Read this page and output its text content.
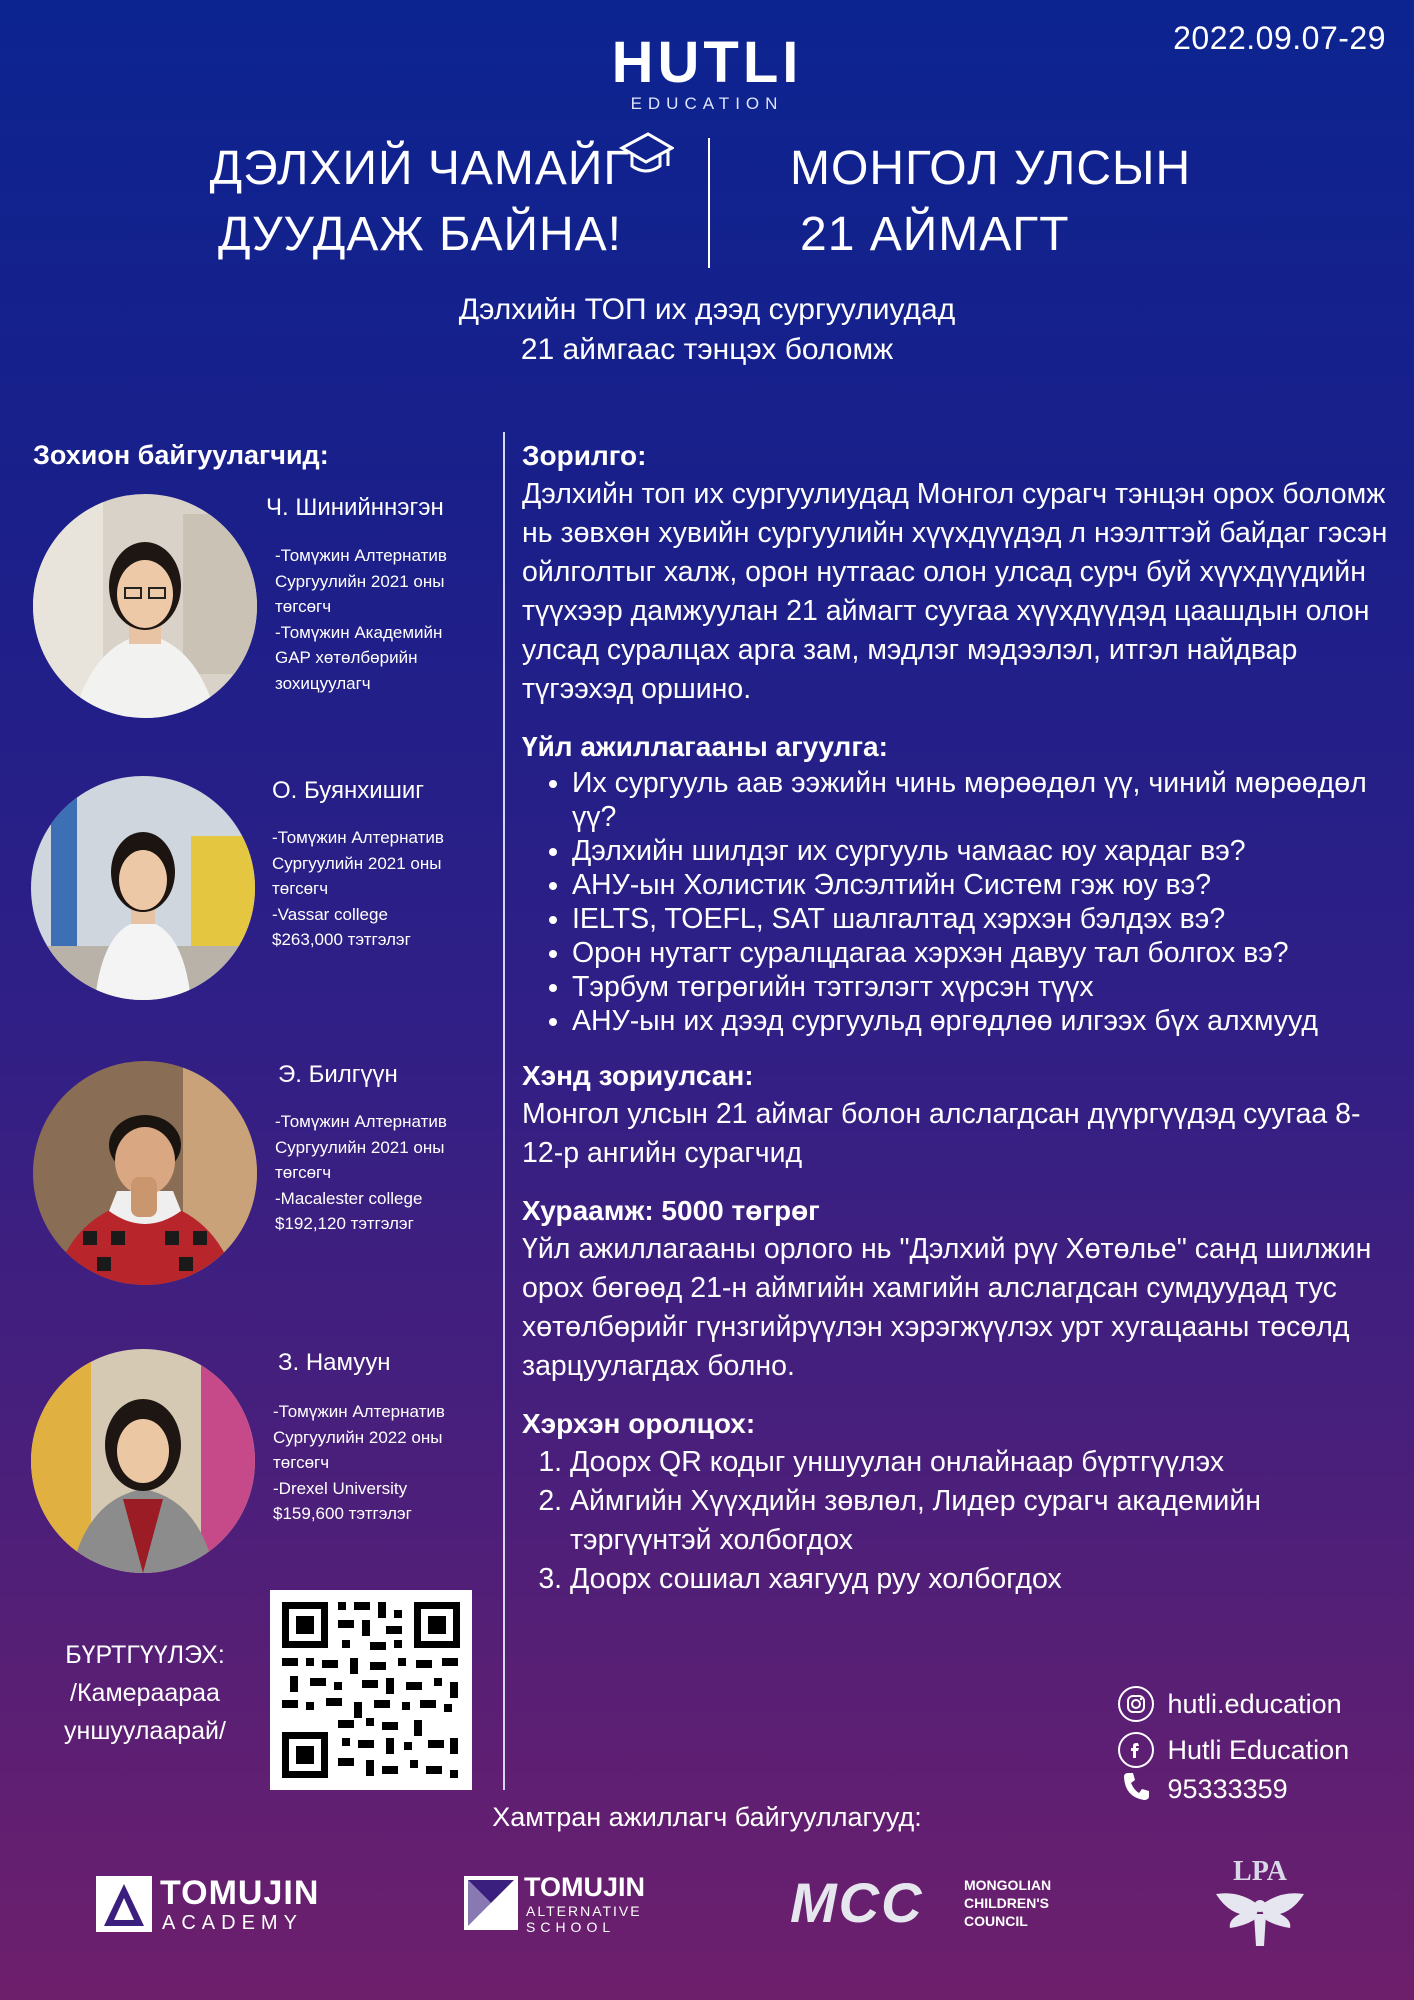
2022.09.07-29
HUTLI
EDUCATION
ДЭЛХИЙ ЧАМАЙГ
ДУУДАЖ БАЙНА!
МОНГОЛ УЛСЫН
21 АЙМАГТ
Дэлхийн ТОП их дээд сургуулиудад
21 аймгаас тэнцэх боломж
Зохион байгуулагчид:
Ч. Шинийннэгэн
-Томүжин Алтернатив
Сургуулийн 2021 оны
төгсөгч
-Томүжин Академийн
GAP хөтөлбөрийн
зохицуулагч
О. Буянхишиг
-Томүжин Алтернатив
Сургуулийн 2021 оны
төгсөгч
-Vassar college
$263,000 тэтгэлэг
Э. Билгүүн
-Томүжин Алтернатив
Сургуулийн 2021 оны
төгсөгч
-Macalester college
$192,120 тэтгэлэг
З. Намуун
-Томүжин Алтернатив
Сургуулийн 2022 оны
төгсөгч
-Drexel University
$159,600 тэтгэлэг
БҮРТГҮҮЛЭХ:
/Камераараа
уншуулаарай/
Зорилго:

Дэлхийн топ их сургуулиудад Монгол сурагч тэнцэн орох боломж нь зөвхөн хувийн сургуулийн хүүхдүүдэд л нээлттэй байдаг гэсэн ойлголтыг халж, орон нутгаас олон улсад сурч буй хүүхдүүдийн түүхээр дамжуулан 21 аймагт суугаа хүүхдүүдэд цаашдын олон улсад суралцах арга зам, мэдлэг мэдээлэл, итгэл найдвар түгээхэд оршино.

Үйл ажиллагааны агуулга:
• Их сургууль аав ээжийн чинь мөрөөдөл үү, чиний мөрөөдөл үү?
• Дэлхийн шилдэг их сургууль чамаас юу хардаг вэ?
• АНУ-ын Холистик Элсэлтийн Систем гэж юу вэ?
• IELTS, TOEFL, SAT шалгалтад хэрхэн бэлдэх вэ?
• Орон нутагт суралцдагаа хэрхэн давуу тал болгох вэ?
• Тэрбум төгрөгийн тэтгэлэгт хүрсэн түүх
• АНУ-ын их дээд сургуульд өргөдлөө илгээх бүх алхмууд
Хэнд зориулсан:

Монгол улсын 21 аймаг болон алслагдсан дүүргүүдэд суугаа 8-12-р ангийн сурагчид

Хураамж: 5000 төгрөг

Үйл ажиллагааны орлого нь "Дэлхий рүү Хөтөлье" санд шилжин орох бөгөөд 21-н аймгийн хамгийн алслагдсан сумдуудад тус хөтөлбөрийг гүнзгийрүүлэн хэрэгжүүлэх урт хугацааны төсөлд зарцуулагдах болно.

Хэрхэн оролцох:
1. Доорх QR кодыг уншуулан онлайнаар бүртгүүлэх
2. Аймгийн Хүүхдийн зөвлөл, Лидер сурагч академийн тэргүүнтэй холбогдох
3. Доорх сошиал хаягууд руу холбогдох
hutli.education
Hutli Education
95333359
Хамтран ажиллагч байгууллагууд:
TOMUJIN
ACADEMY
TOMUJIN
ALTERNATIVE
SCHOOL	MCC	MONGOLIAN
CHILDREN'S
COUNCIL
LPA
